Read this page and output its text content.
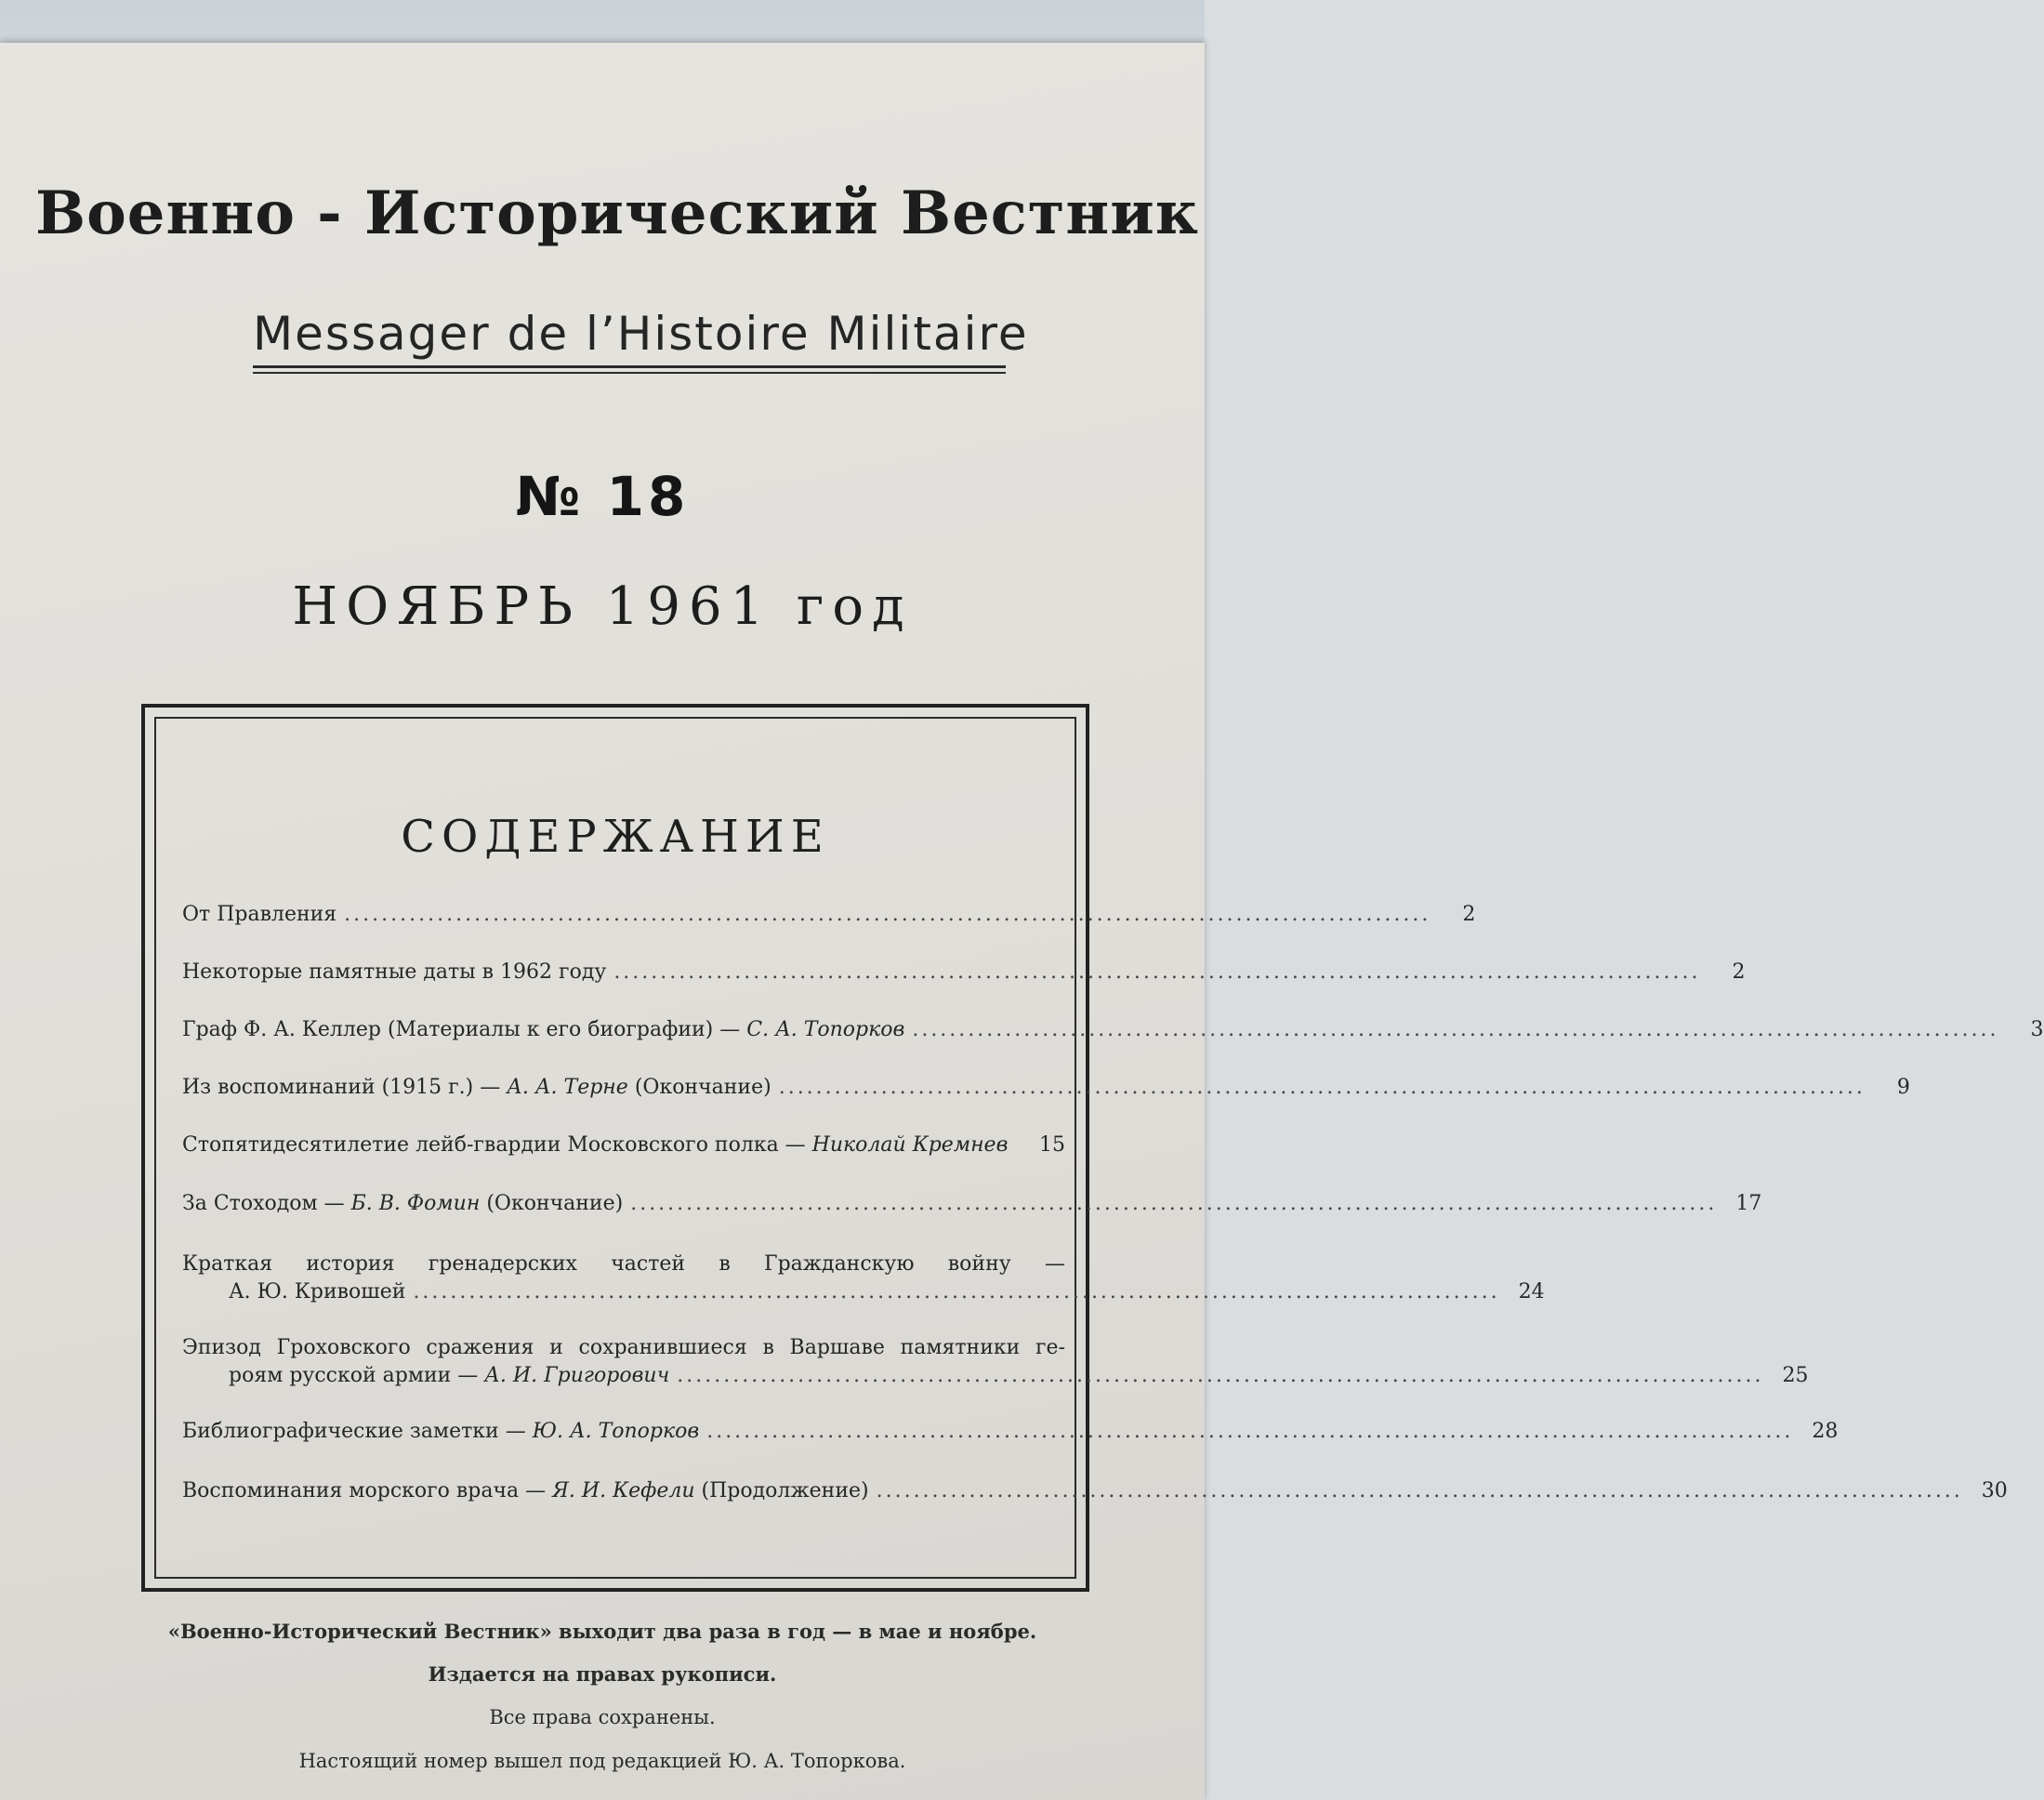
Военно - Исторический Вестник
Messager de l’Histoire Militaire
№ 18
НОЯБРЬ 1961 год
СОДЕРЖАНИЕ
От Правления .....................................................................................................................	2
Некоторые памятные даты в 1962 году .....................................................................................................................	2
Граф Ф. А. Келлер (Материалы к его биографии) — С. А. Топорков .....................................................................................................................	3
Из воспоминаний (1915 г.) — А. А. Терне (Окончание) .....................................................................................................................	9
Стопятидесятилетие лейб-гвардии Московского полка — Николай Кремнев	15
За Стоходом — Б. В. Фомин (Окончание) ..................................................................................................................... 17
Краткая история гренадерских частей в Гражданскую войну —
А. Ю. Кривошей ..................................................................................................................... 24
Эпизод Гроховского сражения и сохранившиеся в Варшаве памятники ге-
роям русской армии — А. И. Григорович ..................................................................................................................... 25
Библиографические заметки — Ю. А. Топорков ..................................................................................................................... 28
Воспоминания морского врача — Я. И. Кефели (Продолжение) ..................................................................................................................... 30
«Военно-Исторический Вестник» выходит два раза в год — в мае и ноябре.
Издается на правах рукописи.
Все права сохранены.
Настоящий номер вышел под редакцией Ю. А. Топоркова.
